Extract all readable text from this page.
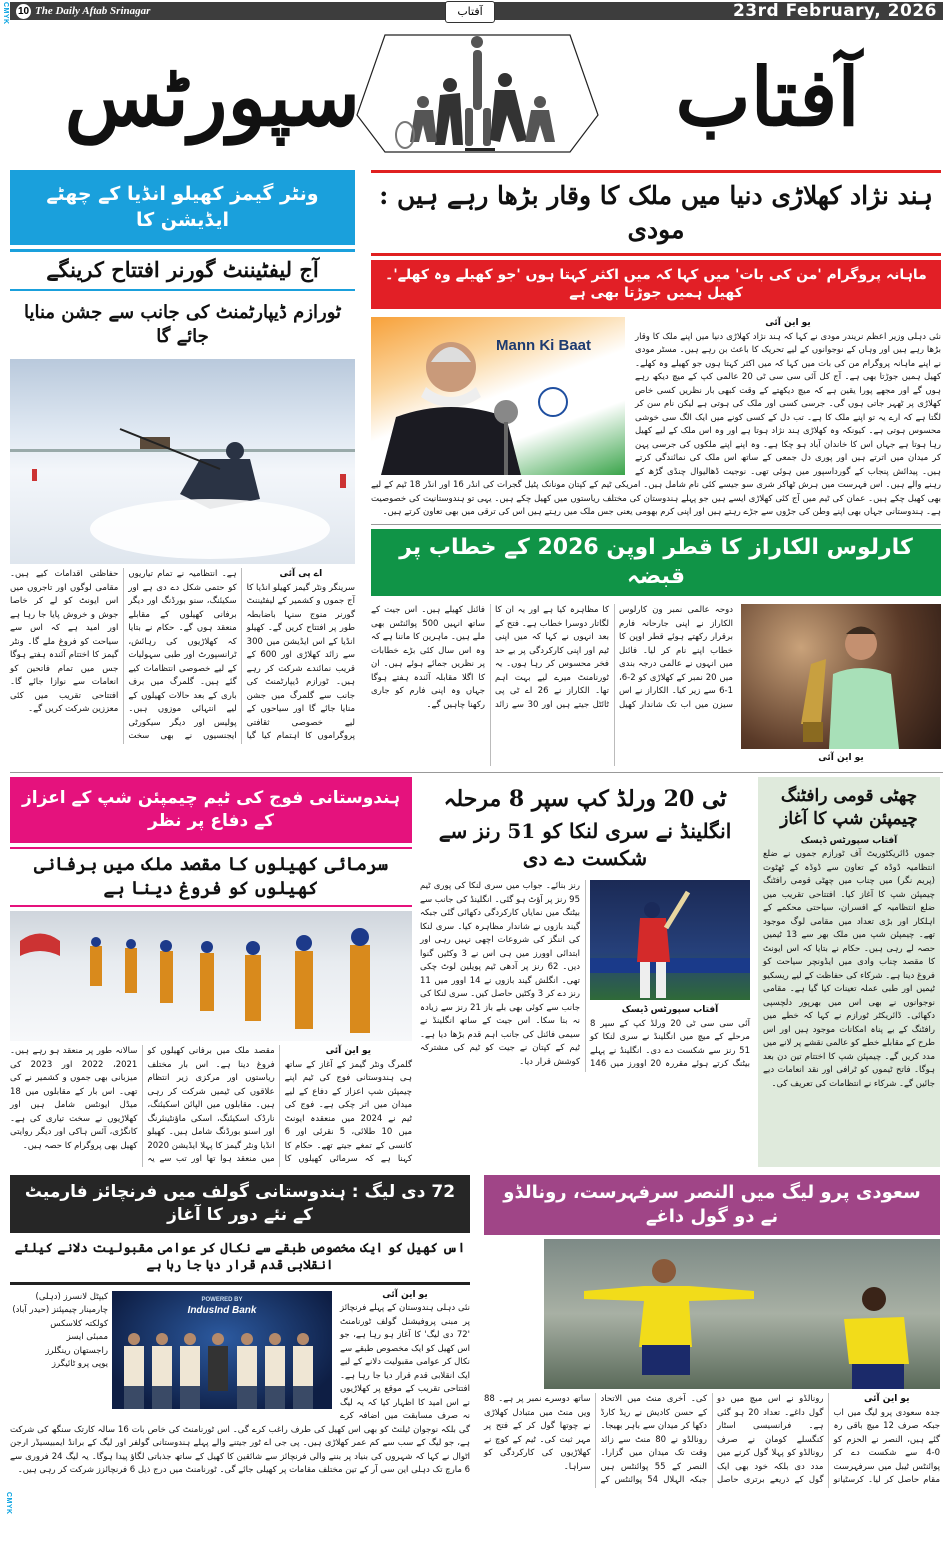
CMYK 10 The Daily Aftab Srinagar	23rd February, 2026
آفتاب
آفتاب
سپورٹس
ونٹر گیمز کھیلو انڈیا کے چھٹے ایڈیشن کا
آج لیفٹیننٹ گورنر افتتاح کرینگے
ٹورازم ڈیپارٹمنٹ کی جانب سے جشن منایا جائے گا
اے پی آئی
سرینگر ونٹر گیمز کھیلو انڈیا کا آج جموں و کشمیر کے لیفٹیننٹ گورنر منوج سنہا باضابطہ طور پر افتتاح کریں گے۔ کھیلو انڈیا کے اس ایڈیشن میں 300 سے زائد کھلاڑی اور 600 کے قریب نمائندے شرکت کر رہے ہیں۔ ٹورازم ڈیپارٹمنٹ کی جانب سے گلمرگ میں جشن منایا جائے گا اور سیاحوں کے لیے خصوصی ثقافتی پروگراموں کا اہتمام کیا گیا ہے۔ انتظامیہ نے تمام تیاریوں کو حتمی شکل دے دی ہے اور سکیئنگ، سنو بورڈنگ اور دیگر برفانی کھیلوں کے مقابلے منعقد ہوں گے۔ حکام نے بتایا کہ کھلاڑیوں کی رہائش، ٹرانسپورٹ اور طبی سہولیات کے لیے خصوصی انتظامات کیے گئے ہیں۔ گلمرگ میں برف باری کے بعد حالات کھیلوں کے لیے انتہائی موزوں ہیں۔ پولیس اور دیگر سیکورٹی ایجنسیوں نے بھی سخت حفاظتی اقدامات کیے ہیں۔ مقامی لوگوں اور تاجروں میں اس ایونٹ کو لے کر خاصا جوش و خروش پایا جا رہا ہے اور امید ہے کہ اس سے سیاحت کو فروغ ملے گا۔ ونٹر گیمز کا اختتام آئندہ ہفتے ہوگا جس میں تمام فاتحین کو انعامات سے نوازا جائے گا۔ افتتاحی تقریب میں کئی معززین شرکت کریں گے۔
ہند نژاد کھلاڑی دنیا میں ملک کا وقار بڑھا رہے ہیں : مودی
ماہانہ پروگرام 'من کی بات' میں کہا کہ میں اکثر کہتا ہوں 'جو کھیلے وہ کھلے'۔ کھیل ہمیں جوڑتا بھی ہے
Mann Ki Baat
یو این آئی
نئی دہلی وزیر اعظم نریندر مودی نے کہا کہ ہند نژاد کھلاڑی دنیا میں اپنے ملک کا وقار بڑھا رہے ہیں اور وہاں کے نوجوانوں کے لیے تحریک کا باعث بن رہے ہیں۔ مسٹر مودی نے اپنے ماہانہ پروگرام من کی بات میں کہا کہ میں اکثر کہتا ہوں جو کھیلے وہ کھلے۔ کھیل ہمیں جوڑتا بھی ہے۔ آج کل آئی سی سی ٹی 20 عالمی کپ کے میچ دیکھ رہے ہوں گے اور مجھے پورا یقین ہے کہ میچ دیکھتے کے وقت کبھی بار نظریں کسی خاص کھلاڑی پر ٹھہر جاتی ہوں گی۔ جرسی کسی اور ملک کی ہوتی ہے لیکن نام سن کر لگتا ہے کہ ارے یہ تو اپنے ملک کا ہے۔ تب دل کے کسی کونے میں ایک الگ سی خوشی محسوس ہوتی ہے۔ کیونکہ وہ کھلاڑی ہند نژاد ہوتا ہے اور وہ اس ملک کے لیے کھیل رہا ہوتا ہے جہاں اس کا خاندان آباد ہو چکا ہے۔ وہ اپنے اپنے ملکوں کی جرسی پہن کر میدان میں اترتے ہیں اور پوری دل جمعی کے ساتھ اس ملک کی نمائندگی کرتے ہیں۔ پیدائش پنجاب کے گورداسپور میں ہوئی تھی۔ نوجیت ڈھالیوال چنڈی گڑھ کے رہنے والے ہیں۔ اس فہرست میں ہرش ٹھاکر شری سو جیسے کئی نام شامل ہیں۔ امریکی ٹیم کے کپتان مونانک پٹیل گجرات کی انڈر 16 اور انڈر 18 ٹیم کے لیے بھی کھیل چکے ہیں۔ عمان کی ٹیم میں آج کئی کھلاڑی ایسے ہیں جو پہلے ہندوستان کی مختلف ریاستوں میں کھیل چکے ہیں۔ یہی تو ہندوستانیت کی خصوصیت ہے۔ ہندوستانی جہاں بھی اپنے وطن کی جڑوں سے جڑے رہتے ہیں اور اپنی کرم بھومی یعنی جس ملک میں رہتے ہیں اس کی ترقی میں بھی تعاون کرتے ہیں۔
کارلوس الکاراز کا قطر اوپن 2026 کے خطاب پر قبضہ
دوحہ عالمی نمبر ون کارلوس الکاراز نے اپنی جارحانہ فارم برقرار رکھتے ہوئے قطر اوپن کا خطاب اپنے نام کر لیا۔ فائنل میں انہوں نے عالمی درجہ بندی میں 20 نمبر کے کھلاڑی کو 2-6، 1-6 سے زیر کیا۔ الکاراز نے اس سیزن میں اب تک شاندار کھیل کا مظاہرہ کیا ہے اور یہ ان کا لگاتار دوسرا خطاب ہے۔ فتح کے بعد انہوں نے کہا کہ میں اپنی ٹیم اور اپنی کارکردگی پر بے حد فخر محسوس کر رہا ہوں۔ یہ ٹورنامنٹ میرے لیے بہت اہم تھا۔ الکاراز نے 26 اے ٹی پی ٹائٹل جیتے ہیں اور 30 سے زائد فائنل کھیلے ہیں۔ اس جیت کے ساتھ انہیں 500 پوائنٹس بھی ملے ہیں۔ ماہرین کا ماننا ہے کہ وہ اس سال کئی بڑے خطابات پر نظریں جمائے ہوئے ہیں۔ ان کا اگلا مقابلہ آئندہ ہفتے ہوگا جہاں وہ اپنی فارم کو جاری رکھنا چاہیں گے۔
یو این آئی
ہندوستانی فوج کی ٹیم چیمپئن شپ کے اعزاز کے دفاع پر نظر
سرمائی کھیلوں کا مقصد ملک میں برفانی کھیلوں کو فروغ دینا ہے
یو این آئی
گلمرگ ونٹر گیمز کے آغاز کے ساتھ ہی ہندوستانی فوج کی ٹیم اپنے چیمپئن شپ اعزاز کے دفاع کے لیے میدان میں اتر چکی ہے۔ فوج کی ٹیم نے 2024 میں منعقدہ ایونٹ میں 10 طلائی، 5 نقرئی اور 6 کانسی کے تمغے جیتے تھے۔ حکام کا کہنا ہے کہ سرمائی کھیلوں کا مقصد ملک میں برفانی کھیلوں کو فروغ دینا ہے۔ اس بار مختلف ریاستوں اور مرکزی زیر انتظام علاقوں کی ٹیمیں شرکت کر رہی ہیں۔ مقابلوں میں الپائن اسکیئنگ، نارڈک اسکیئنگ، اسکی ماؤنٹینئرنگ اور اسنو بورڈنگ شامل ہیں۔ کھیلو انڈیا ونٹر گیمز کا پہلا ایڈیشن 2020 میں منعقد ہوا تھا اور تب سے یہ سالانہ طور پر منعقد ہو رہے ہیں۔ 2021، 2022 اور 2023 کی میزبانی بھی جموں و کشمیر نے کی تھی۔ اس بار کے مقابلوں میں 18 میڈل ایونٹس شامل ہیں اور کھلاڑیوں نے سخت تیاری کی ہے۔ کانگڑی، آئس ہاکی اور دیگر روایتی کھیل بھی پروگرام کا حصہ ہیں۔
ٹی 20 ورلڈ کپ سپر 8 مرحلہ
انگلینڈ نے سری لنکا کو 51 رنز سے شکست دے دی
آفتاب سپورٹس ڈیسک
آئی سی سی ٹی 20 ورلڈ کپ کے سپر 8 مرحلے کے میچ میں انگلینڈ نے سری لنکا کو 51 رنز سے شکست دے دی۔ انگلینڈ نے پہلے بیٹنگ کرتے ہوئے مقررہ 20 اوورز میں 146 رنز بنائے۔ جواب میں سری لنکا کی پوری ٹیم 95 رنز پر آؤٹ ہو گئی۔ انگلینڈ کی جانب سے بیٹنگ میں نمایاں کارکردگی دکھائی گئی جبکہ گیند بازوں نے شاندار مظاہرہ کیا۔ سری لنکا کی اننگز کی شروعات اچھی نہیں رہی اور ابتدائی اوورز میں ہی اس نے 3 وکٹیں گنوا دیں۔ 62 رنز پر آدھی ٹیم پویلین لوٹ چکی تھی۔ انگلش گیند بازوں نے 14 اوور میں 11 رنز دے کر 3 وکٹیں حاصل کیں۔ سری لنکا کی جانب سے کوئی بھی بلے باز 21 رنز سے زیادہ نہ بنا سکا۔ اس جیت کے ساتھ انگلینڈ نے سیمی فائنل کی جانب اہم قدم بڑھا دیا ہے۔ ٹیم کے کپتان نے جیت کو ٹیم کی مشترکہ کوشش قرار دیا۔
چھٹی قومی رافٹنگ چیمپئن شپ کا آغاز
آفتاب سپورٹس ڈیسک
جموں ڈائریکٹوریٹ آف ٹورازم جموں نے ضلع انتظامیہ ڈوڈہ کے تعاون سے ڈوڈہ کے ٹھٹوت (پریم نگر) میں چناب میں چھٹی قومی رافٹنگ چیمپئن شپ کا آغاز کیا۔ افتتاحی تقریب میں ضلع انتظامیہ کے افسران، سیاحتی محکمے کے اہلکار اور بڑی تعداد میں مقامی لوگ موجود تھے۔ چیمپئن شپ میں ملک بھر سے 13 ٹیمیں حصہ لے رہی ہیں۔ حکام نے بتایا کہ اس ایونٹ کا مقصد چناب وادی میں ایڈونچر سیاحت کو فروغ دینا ہے۔ شرکاء کی حفاظت کے لیے ریسکیو ٹیمیں اور طبی عملہ تعینات کیا گیا ہے۔ مقامی نوجوانوں نے بھی اس میں بھرپور دلچسپی دکھائی۔ ڈائریکٹر ٹورازم نے کہا کہ خطے میں رافٹنگ کے بے پناہ امکانات موجود ہیں اور اس طرح کے مقابلے خطے کو عالمی نقشے پر لانے میں مدد کریں گے۔ چیمپئن شپ کا اختتام تین دن بعد ہوگا۔ فاتح ٹیموں کو ٹرافی اور نقد انعامات دیے جائیں گے۔ شرکاء نے انتظامات کی تعریف کی۔
72 دی لیگ : ہندوستانی گولف میں فرنچائز فارمیٹ کے نئے دور کا آغاز
اس کھیل کو ایک مخصوص طبقے سے نکال کر عوامی مقبولیت دلانے کیلئے انقلابی قدم قرار دیا جا رہا ہے
کیپٹل لانسرز (دہلی)
چارمینار چیمپئنز (حیدر آباد)
کولکتہ کلاسکس
ممبئی ایسز
راجستھان رینگلرز
یوپی پرو ٹائیگرز
POWERED BY
IndusInd Bank
یو این آئی
نئی دہلی ہندوستان کے پہلے فرنچائز پر مبنی پروفیشنل گولف ٹورنامنٹ '72 دی لیگ' کا آغاز ہو رہا ہے، جو اس کھیل کو ایک مخصوص طبقے سے نکال کر عوامی مقبولیت دلانے کے لیے ایک انقلابی قدم قرار دیا جا رہا ہے۔ افتتاحی تقریب کے موقع پر کھلاڑیوں نے اس امید کا اظہار کیا کہ یہ لیگ نہ صرف مسابقت میں اضافہ کرے گی بلکہ نوجوان ٹیلنٹ کو بھی اس کھیل کی طرف راغب کرے گی۔ اس ٹورنامنٹ کی خاص بات 16 سالہ کارتک سنگھ کی شرکت ہے، جو لیگ کے سب سے کم عمر کھلاڑی ہیں۔ پی جی اے ٹور جیتنے والے پہلے ہندوستانی گولفر اور لیگ کے برانڈ ایمبیسیڈر ارجن اٹوال نے کہا کہ شہروں کی بنیاد پر بننے والی فرنچائز سے شائقین کا کھیل کے ساتھ جذباتی لگاؤ پیدا ہوگا۔ یہ لیگ 24 فروری سے 6 مارچ تک دہلی این سی آر کے تین مختلف مقامات پر کھیلی جائے گی۔ ٹورنامنٹ میں درج ذیل 6 فرنچائزز شرکت کر رہی ہیں۔
سعودی پرو لیگ میں النصر سرفہرست، رونالڈو نے دو گول داغے
یو این آئی
جدہ سعودی پرو لیگ میں اب جبکہ صرف 12 میچ باقی رہ گئے ہیں، النصر نے الحزم کو 0-4 سے شکست دے کر پوائنٹس ٹیبل میں سرفہرست مقام حاصل کر لیا۔ کرسٹیانو رونالڈو نے اس میچ میں دو گول داغے۔ تعداد 20 ہو گئی ہے۔ فرانسیسی اسٹار کنگسلے کومان نے صرف رونالڈو کو پہلا گول کرنے میں مدد دی بلکہ خود بھی ایک گول کے ذریعے برتری حاصل کی۔ آخری منٹ میں الاتحاد کے حسن کادیش نے ریڈ کارڈ دکھا کر میدان سے باہر بھیجا۔ رونالڈو نے 80 منٹ سے زائد وقت تک میدان میں گزارا۔ النصر کے 55 پوائنٹس ہیں جبکہ الہلال 54 پوائنٹس کے ساتھ دوسرے نمبر پر ہے۔ 88 ویں منٹ میں متبادل کھلاڑی نے چوتھا گول کر کے فتح پر مہر ثبت کی۔ ٹیم کے کوچ نے کھلاڑیوں کی کارکردگی کو سراہا۔
CMYK
